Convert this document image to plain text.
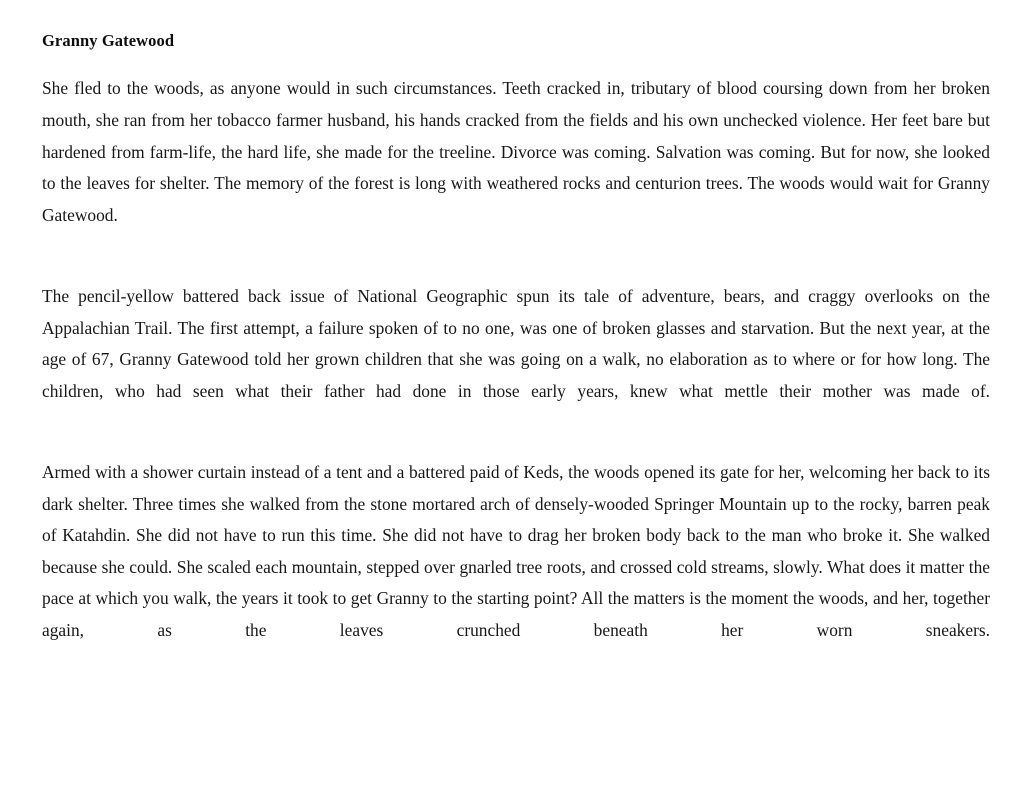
Granny Gatewood

She fled to the woods, as anyone would in such circumstances. Teeth cracked in, tributary of blood coursing down from her broken mouth, she ran from her tobacco farmer husband, his hands cracked from the fields and his own unchecked violence. Her feet bare but hardened from farm-life, the hard life, she made for the treeline. Divorce was coming. Salvation was coming. But for now, she looked to the leaves for shelter. The memory of the forest is long with weathered rocks and centurion trees. The woods would wait for Granny Gatewood.

The pencil-yellow battered back issue of National Geographic spun its tale of adventure, bears, and craggy overlooks on the Appalachian Trail. The first attempt, a failure spoken of to no one, was one of broken glasses and starvation. But the next year, at the age of 67, Granny Gatewood told her grown children that she was going on a walk, no elaboration as to where or for how long. The children, who had seen what their father had done in those early years, knew what mettle their mother was made of.

Armed with a shower curtain instead of a tent and a battered paid of Keds, the woods opened its gate for her, welcoming her back to its dark shelter. Three times she walked from the stone mortared arch of densely-wooded Springer Mountain up to the rocky, barren peak of Katahdin. She did not have to run this time. She did not have to drag her broken body back to the man who broke it. She walked because she could. She scaled each mountain, stepped over gnarled tree roots, and crossed cold streams, slowly. What does it matter the pace at which you walk, the years it took to get Granny to the starting point? All the matters is the moment the woods, and her, together again, as the leaves crunched beneath her worn sneakers.
